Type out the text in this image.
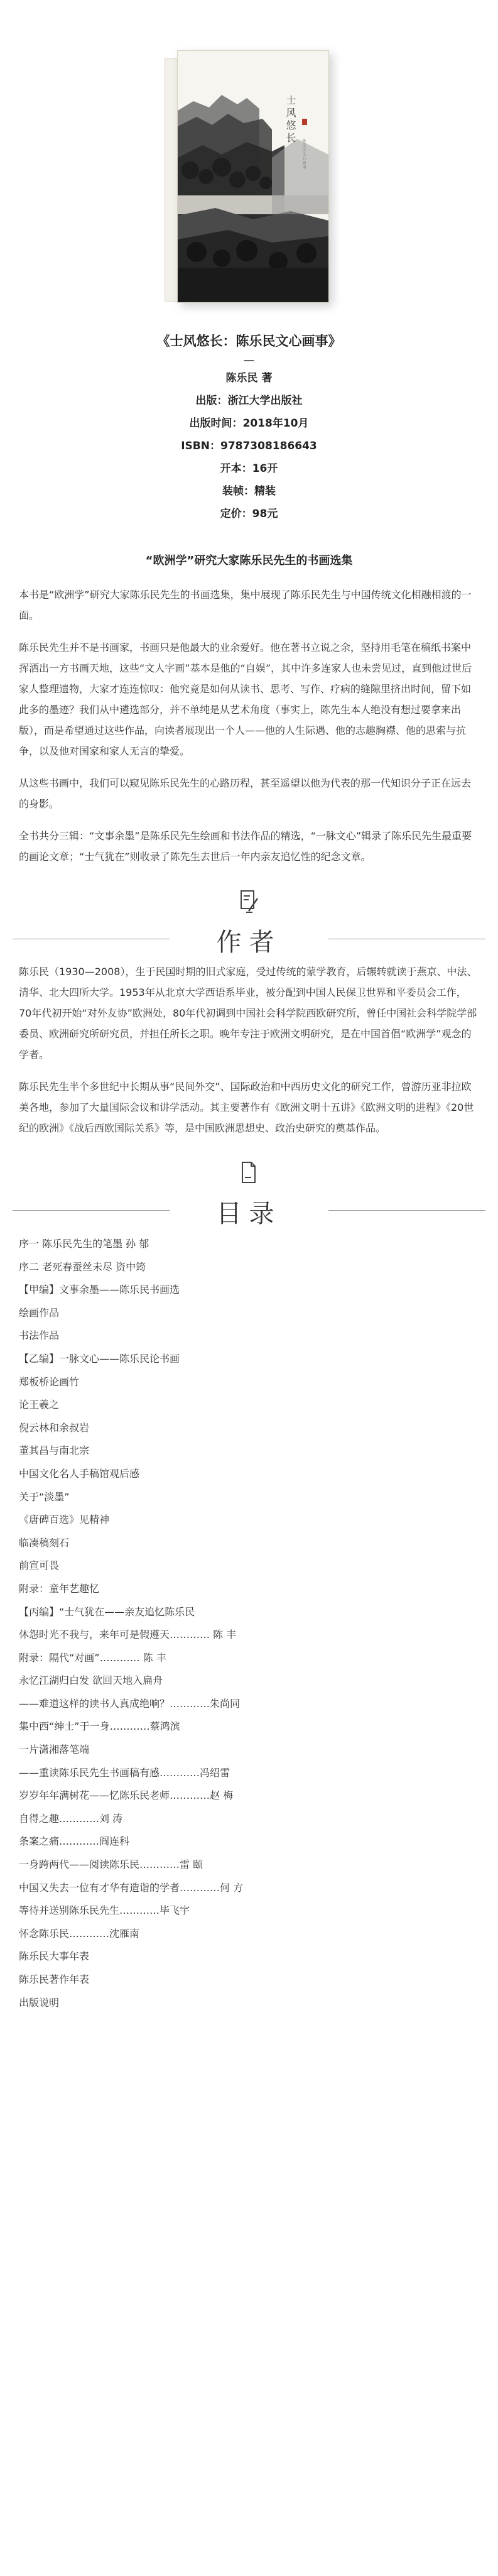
士风悠长
陈乐民文心画事
《士风悠长：陈乐民文心画事》
—
陈乐民 著
出版：浙江大学出版社
出版时间：2018年10月
ISBN：9787308186643
开本：16开
装帧：精装
定价：98元
“欧洲学”研究大家陈乐民先生的书画选集

本书是“欧洲学”研究大家陈乐民先生的书画选集，集中展现了陈乐民先生与中国传统文化相融相渡的一面。

陈乐民先生并不是书画家，书画只是他最大的业余爱好。他在著书立说之余，坚持用毛笔在稿纸书案中挥洒出一方书画天地，这些“文人字画”基本是他的“自娱”，其中许多连家人也未尝见过，直到他过世后家人整理遗物，大家才连连惊叹：他究竟是如何从读书、思考、写作、疗病的缝隙里挤出时间，留下如此多的墨迹？我们从中遴选部分，并不单纯是从艺术角度（事实上，陈先生本人绝没有想过要拿来出版），而是希望通过这些作品，向读者展现出一个人——他的人生际遇、他的志趣胸襟、他的思索与抗争，以及他对国家和家人无言的挚爱。

从这些书画中，我们可以窥见陈乐民先生的心路历程，甚至遥望以他为代表的那一代知识分子正在远去的身影。

全书共分三辑：“文事余墨”是陈乐民先生绘画和书法作品的精选，“一脉文心”辑录了陈乐民先生最重要的画论文章；“士气犹在”则收录了陈先生去世后一年内亲友追忆性的纪念文章。

作者

陈乐民（1930—2008），生于民国时期的旧式家庭，受过传统的蒙学教育，后辗转就读于燕京、中法、清华、北大四所大学。1953年从北京大学西语系毕业，被分配到中国人民保卫世界和平委员会工作，70年代初开始“对外友协”欧洲处，80年代初调到中国社会科学院西欧研究所，曾任中国社会科学院学部委员、欧洲研究所研究员，并担任所长之职。晚年专注于欧洲文明研究，是在中国首倡“欧洲学”观念的学者。

陈乐民先生半个多世纪中长期从事“民间外交”、国际政治和中西历史文化的研究工作，曾游历亚非拉欧美各地，参加了大量国际会议和讲学活动。其主要著作有《欧洲文明十五讲》《欧洲文明的进程》《20世纪的欧洲》《战后西欧国际关系》等，是中国欧洲思想史、政治史研究的奠基作品。

目录
序一 陈乐民先生的笔墨 孙 郁
序二 老死春蚕丝未尽 资中筠
【甲编】文事余墨——陈乐民书画选
绘画作品
书法作品
【乙编】一脉文心——陈乐民论书画
郑板桥论画竹
论王羲之
倪云林和余叔岩
董其昌与南北宗
中国文化名人手稿馆观后感
关于“淡墨”
《唐碑百选》见精神
临凑稿刻石
前宣可畏
附录：童年艺趣忆
【丙编】“士气犹在——亲友追忆陈乐民
休怨时光不我与，来年可是假遵天………… 陈 丰
附录：隔代“对画”………… 陈 丰
永忆江湖归白发 欲回天地入扁舟
——难道这样的读书人真成绝响？…………朱尚同
集中西“绅士”于一身…………蔡鸿滨
一片潇湘落笔端
——重读陈乐民先生书画稿有感…………冯绍雷
岁岁年年满树花——忆陈乐民老师…………赵 梅
自得之趣…………刘 涛
条案之痛…………阎连科
一身跨两代——阅读陈乐民…………雷 颐
中国又失去一位有才华有造诣的学者…………何 方
等待并送别陈乐民先生…………毕飞宇
怀念陈乐民…………沈雁南
陈乐民大事年表
陈乐民著作年表
出版说明
